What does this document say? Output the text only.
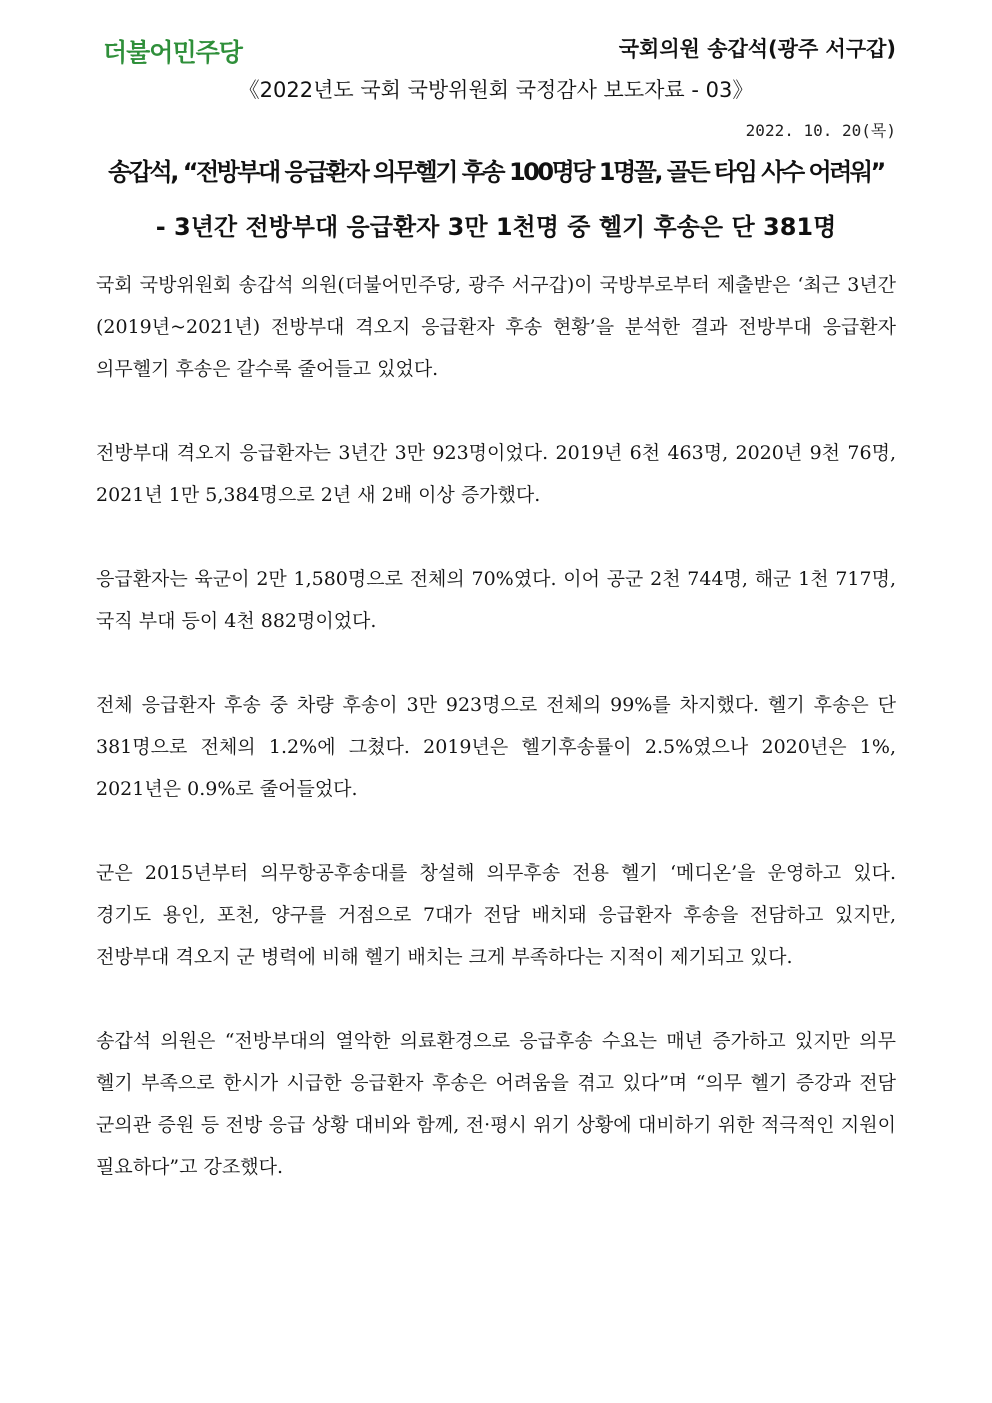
더불어민주당	국회의원 송갑석(광주 서구갑)
《2022년도 국회 국방위원회 국정감사 보도자료 - 03》
2022. 10. 20(목)
송갑석, “전방부대 응급환자 의무헬기 후송 100명당 1명꼴, 골든 타임 사수 어려워”
- 3년간 전방부대 응급환자 3만 1천명 중 헬기 후송은 단 381명

국회 국방위원회 송갑석 의원(더불어민주당, 광주 서구갑)이 국방부로부터 제출받은 ‘최근 3년간(2019년~2021년) 전방부대 격오지 응급환자 후송 현황’을 분석한 결과 전방부대 응급환자 의무헬기 후송은 갈수록 줄어들고 있었다.

전방부대 격오지 응급환자는 3년간 3만 923명이었다. 2019년 6천 463명, 2020년 9천 76명, 2021년 1만 5,384명으로 2년 새 2배 이상 증가했다.

응급환자는 육군이 2만 1,580명으로 전체의 70%였다. 이어 공군 2천 744명, 해군 1천 717명, 국직 부대 등이 4천 882명이었다.

전체 응급환자 후송 중 차량 후송이 3만 923명으로 전체의 99%를 차지했다. 헬기 후송은 단 381명으로 전체의 1.2%에 그쳤다. 2019년은 헬기후송률이 2.5%였으나 2020년은 1%, 2021년은 0.9%로 줄어들었다.

군은 2015년부터 의무항공후송대를 창설해 의무후송 전용 헬기 ‘메디온’을 운영하고 있다. 경기도 용인, 포천, 양구를 거점으로 7대가 전담 배치돼 응급환자 후송을 전담하고 있지만, 전방부대 격오지 군 병력에 비해 헬기 배치는 크게 부족하다는 지적이 제기되고 있다.

송갑석 의원은 “전방부대의 열악한 의료환경으로 응급후송 수요는 매년 증가하고 있지만 의무 헬기 부족으로 한시가 시급한 응급환자 후송은 어려움을 겪고 있다”며 “의무 헬기 증강과 전담 군의관 증원 등 전방 응급 상황 대비와 함께, 전·평시 위기 상황에 대비하기 위한 적극적인 지원이 필요하다”고 강조했다.
